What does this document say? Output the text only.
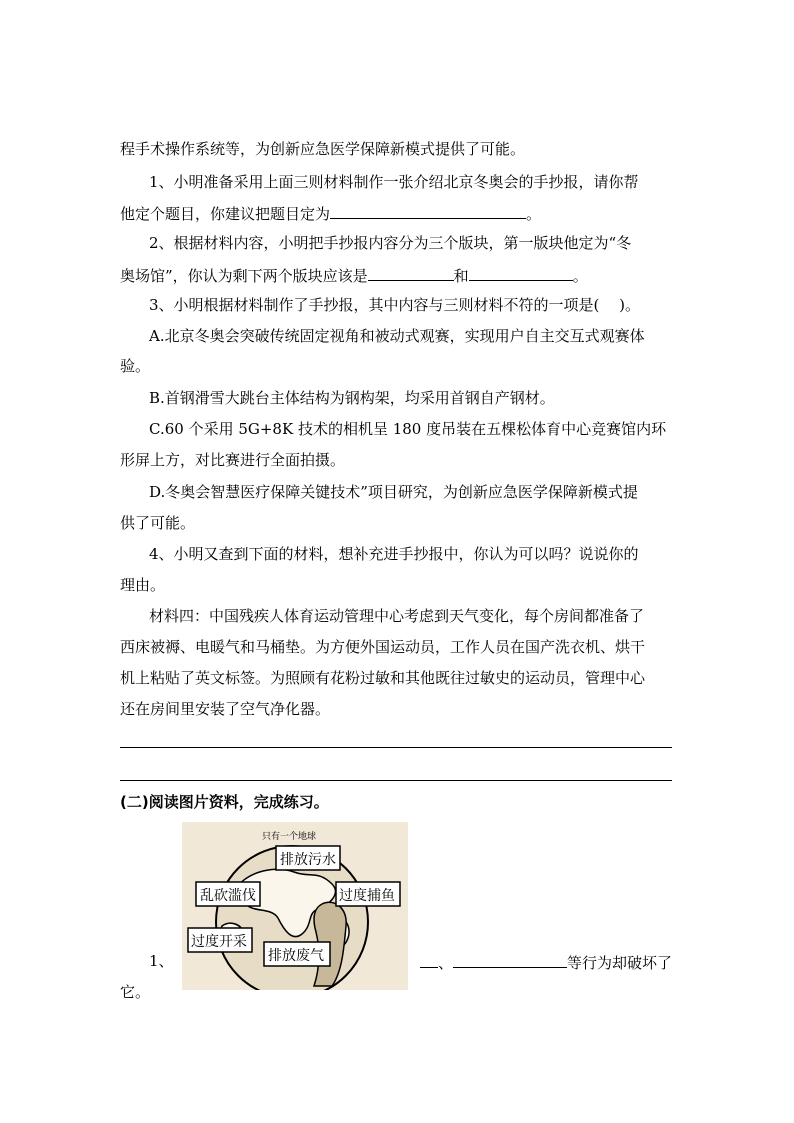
程手术操作系统等，为创新应急医学保障新模式提供了可能。
1、小明准备采用上面三则材料制作一张介绍北京冬奥会的手抄报，请你帮
他定个题目，你建议把题目定为	。
2、根据材料内容，小明把手抄报内容分为三个版块，第一版块他定为“冬
奥场馆”，你认为剩下两个版块应该是	和	。
3、小明根据材料制作了手抄报，其中内容与三则材料不符的一项是(　 )。
A.北京冬奥会突破传统固定视角和被动式观赛，实现用户自主交互式观赛体
验。
B.首钢滑雪大跳台主体结构为钢构架，均采用首钢自产钢材。
C.60 个采用 5G+8K 技术的相机呈 180 度吊装在五棵松体育中心竞赛馆内环
形屏上方，对比赛进行全面拍摄。
D.冬奥会智慧医疗保障关键技术”项目研究，为创新应急医学保障新模式提
供了可能。
4、小明又查到下面的材料，想补充进手抄报中，你认为可以吗？说说你的
理由。
材料四：中国残疾人体育运动管理中心考虑到天气变化，每个房间都准备了
西床被褥、电暖气和马桶垫。为方便外国运动员，工作人员在国产洗衣机、烘干
机上粘贴了英文标签。为照顾有花粉过敏和其他既往过敏史的运动员，管理中心
还在房间里安装了空气净化器。
(二)阅读图片资料，完成练习。
只有一个地球
排放污水
乱砍滥伐	过度捕鱼
过度开采
排放废气
1、	、	等行为却破坏了
它。
